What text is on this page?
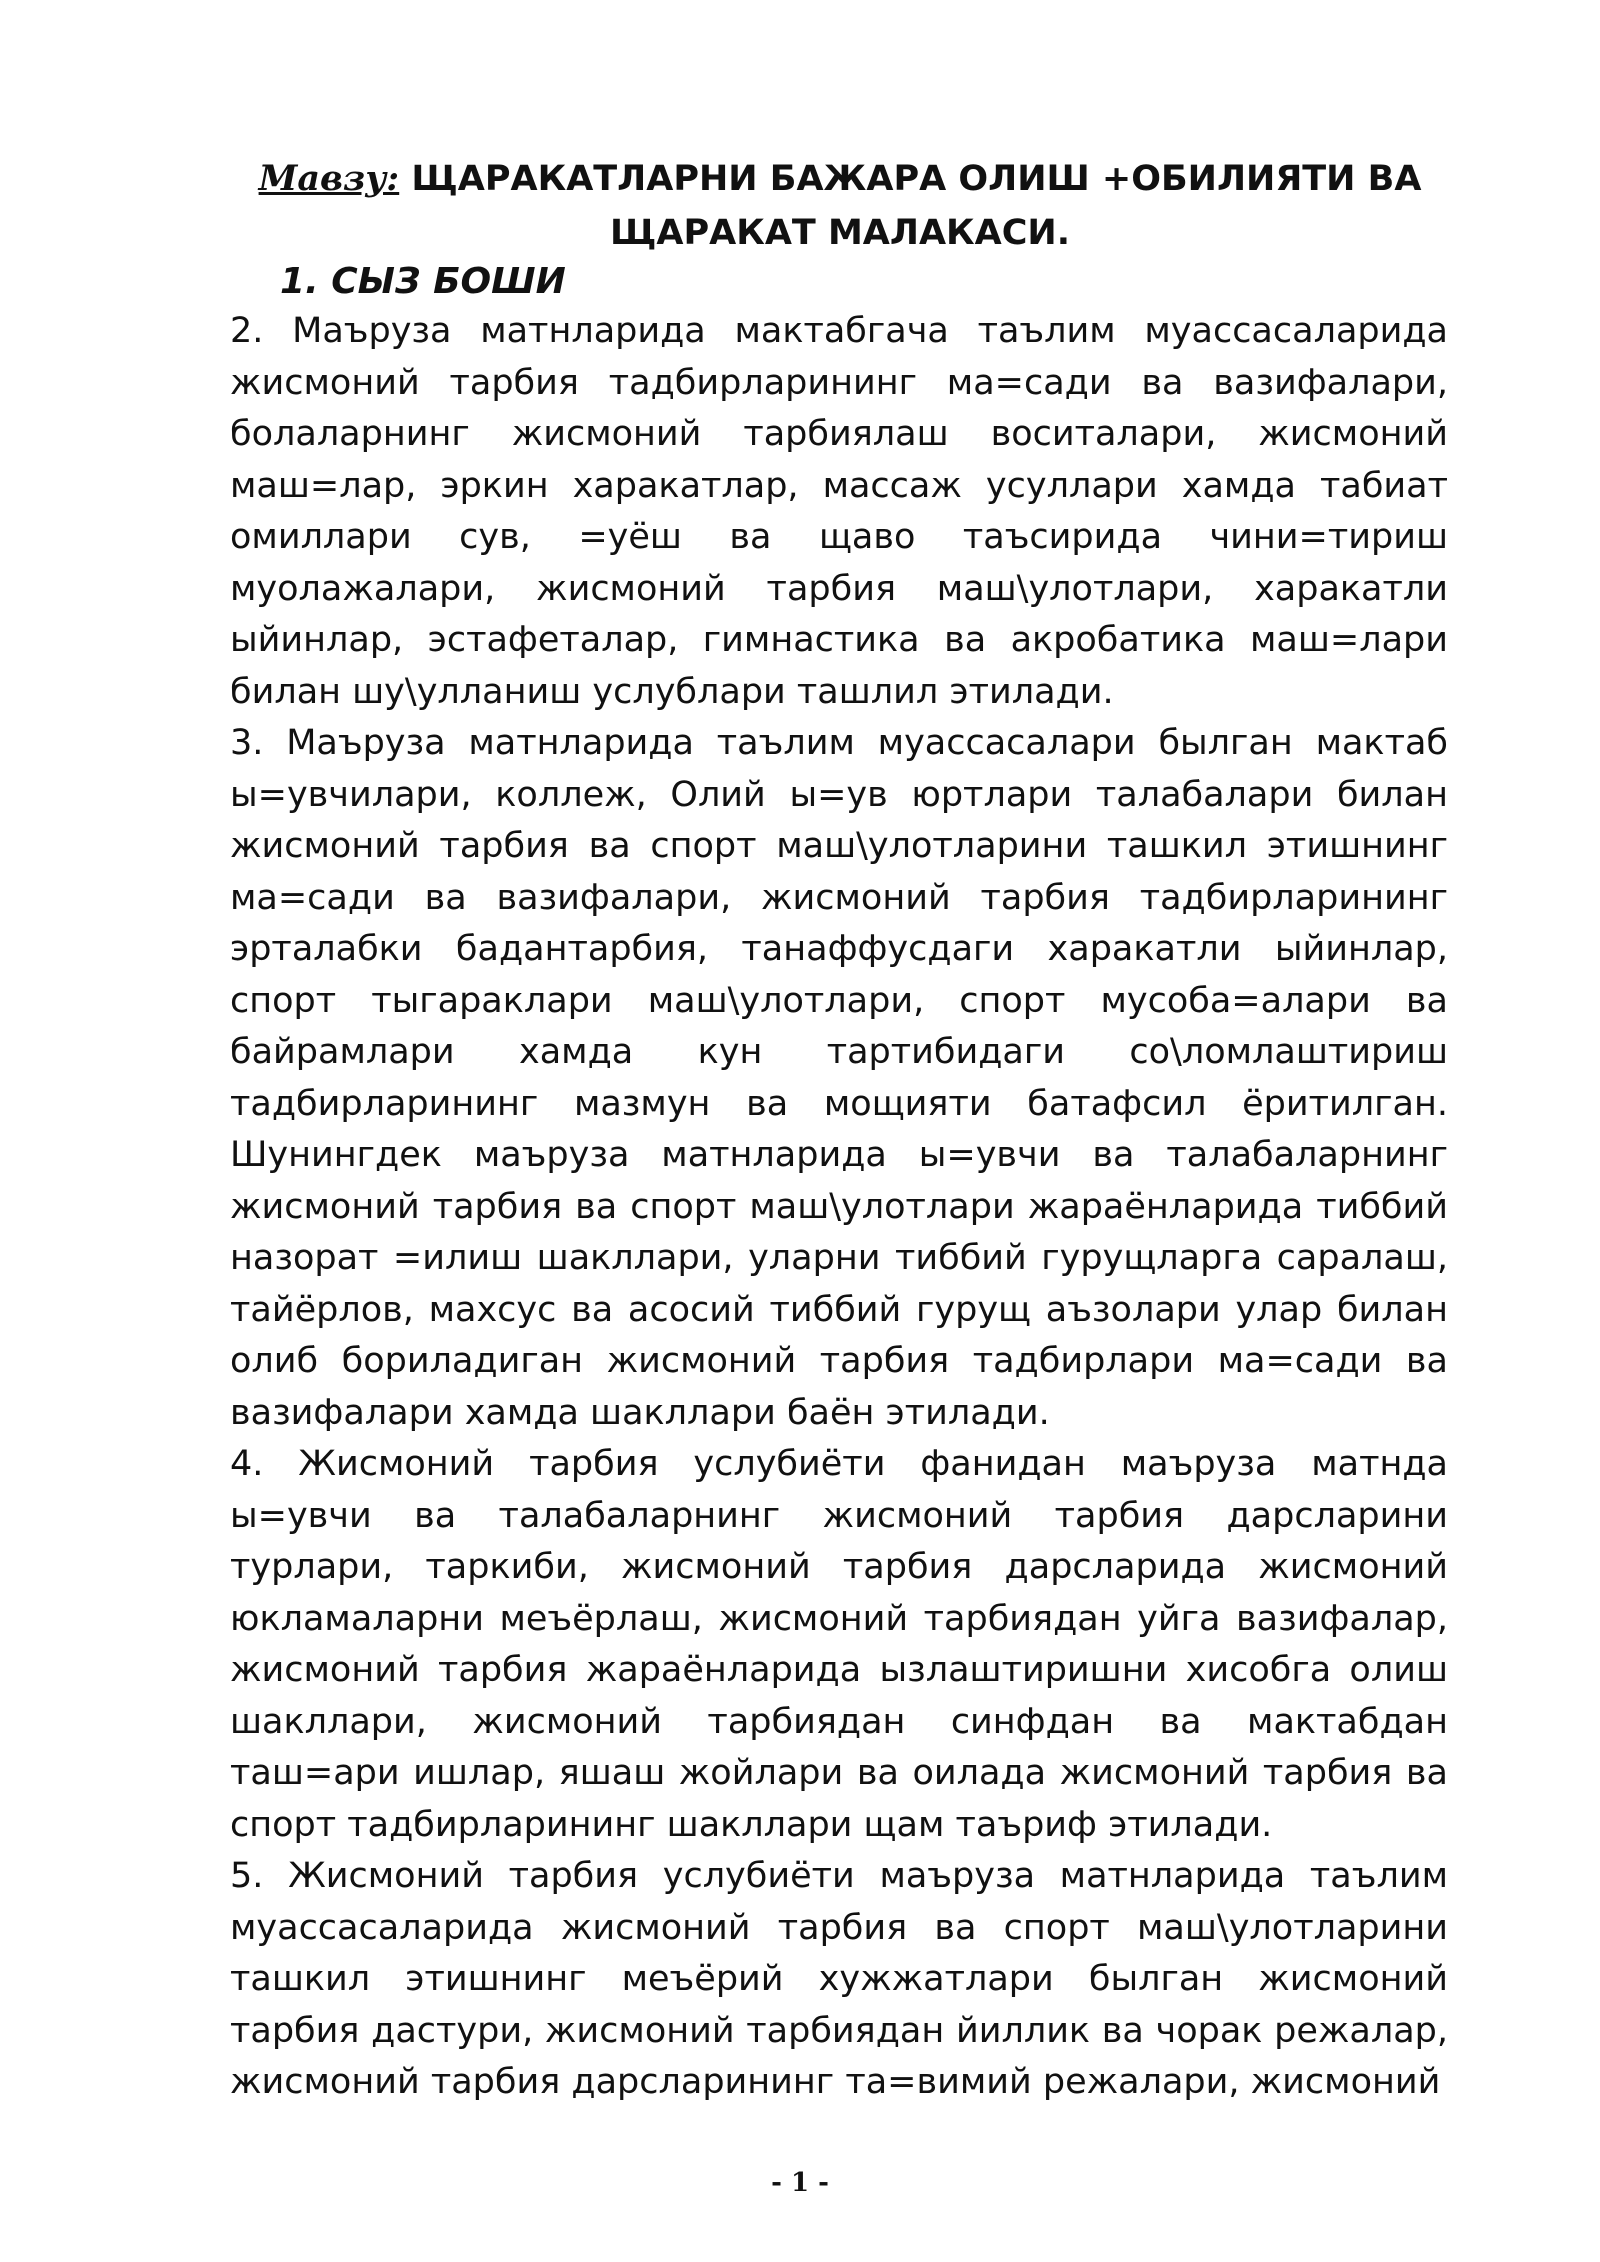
Мавзу: ЩАРАКАТЛАРНИ БАЖАРА ОЛИШ +ОБИЛИЯТИ ВА ЩАРАКАТ МАЛАКАСИ.
1. СЫЗ БОШИ

2. Маъруза матнларида мактабгача таълим муассасаларида жисмоний тарбия тадбирларининг ма=сади ва вазифалари, болаларнинг жисмоний тарбиялаш воситалари, жисмоний маш=лар, эркин харакатлар, массаж усуллари хамда табиат омиллари сув, =уёш ва щаво таъсирида чини=тириш муолажалари, жисмоний тарбия маш\улотлари, харакатли ыйинлар, эстафеталар, гимнастика ва акробатика маш=лари билан шу\улланиш услублари ташлил этилади.

3. Маъруза матнларида таълим муассасалари былган мактаб ы=увчилари, коллеж, Олий ы=ув юртлари талабалари билан жисмоний тарбия ва спорт маш\улотларини ташкил этишнинг ма=сади ва вазифалари, жисмоний тарбия тадбирларининг эрталабки бадантарбия, танаффусдаги харакатли ыйинлар, спорт тыгараклари маш\улотлари, спорт мусоба=алари ва байрамлари хамда кун тартибидаги со\ломлаштириш тадбирларининг мазмун ва мощияти батафсил ёритилган. Шунингдек маъруза матнларида ы=увчи ва талабаларнинг жисмоний тарбия ва спорт маш\улотлари жараёнларида тиббий назорат =илиш шакллари, уларни тиббий гурущларга саралаш, тайёрлов, махсус ва асосий тиббий гурущ аъзолари улар билан олиб бориладиган жисмоний тарбия тадбирлари ма=сади ва вазифалари хамда шакллари баён этилади.

4. Жисмоний тарбия услубиёти фанидан маъруза матнда ы=увчи ва талабаларнинг жисмоний тарбия дарсларини турлари, таркиби, жисмоний тарбия дарсларида жисмоний юкламаларни меъёрлаш, жисмоний тарбиядан уйга вазифалар, жисмоний тарбия жараёнларида ызлаштиришни хисобга олиш шакллари, жисмоний тарбиядан синфдан ва мактабдан таш=ари ишлар, яшаш жойлари ва оилада жисмоний тарбия ва спорт тадбирларининг шакллари щам таъриф этилади.

5. Жисмоний тарбия услубиёти маъруза матнларида таълим муассасаларида жисмоний тарбия ва спорт маш\улотларини ташкил этишнинг меъёрий хужжатлари былган жисмоний тарбия дастури, жисмоний тарбиядан йиллик ва чорак режалар, жисмоний тарбия дарсларининг та=вимий режалари, жисмоний

- 1 -
